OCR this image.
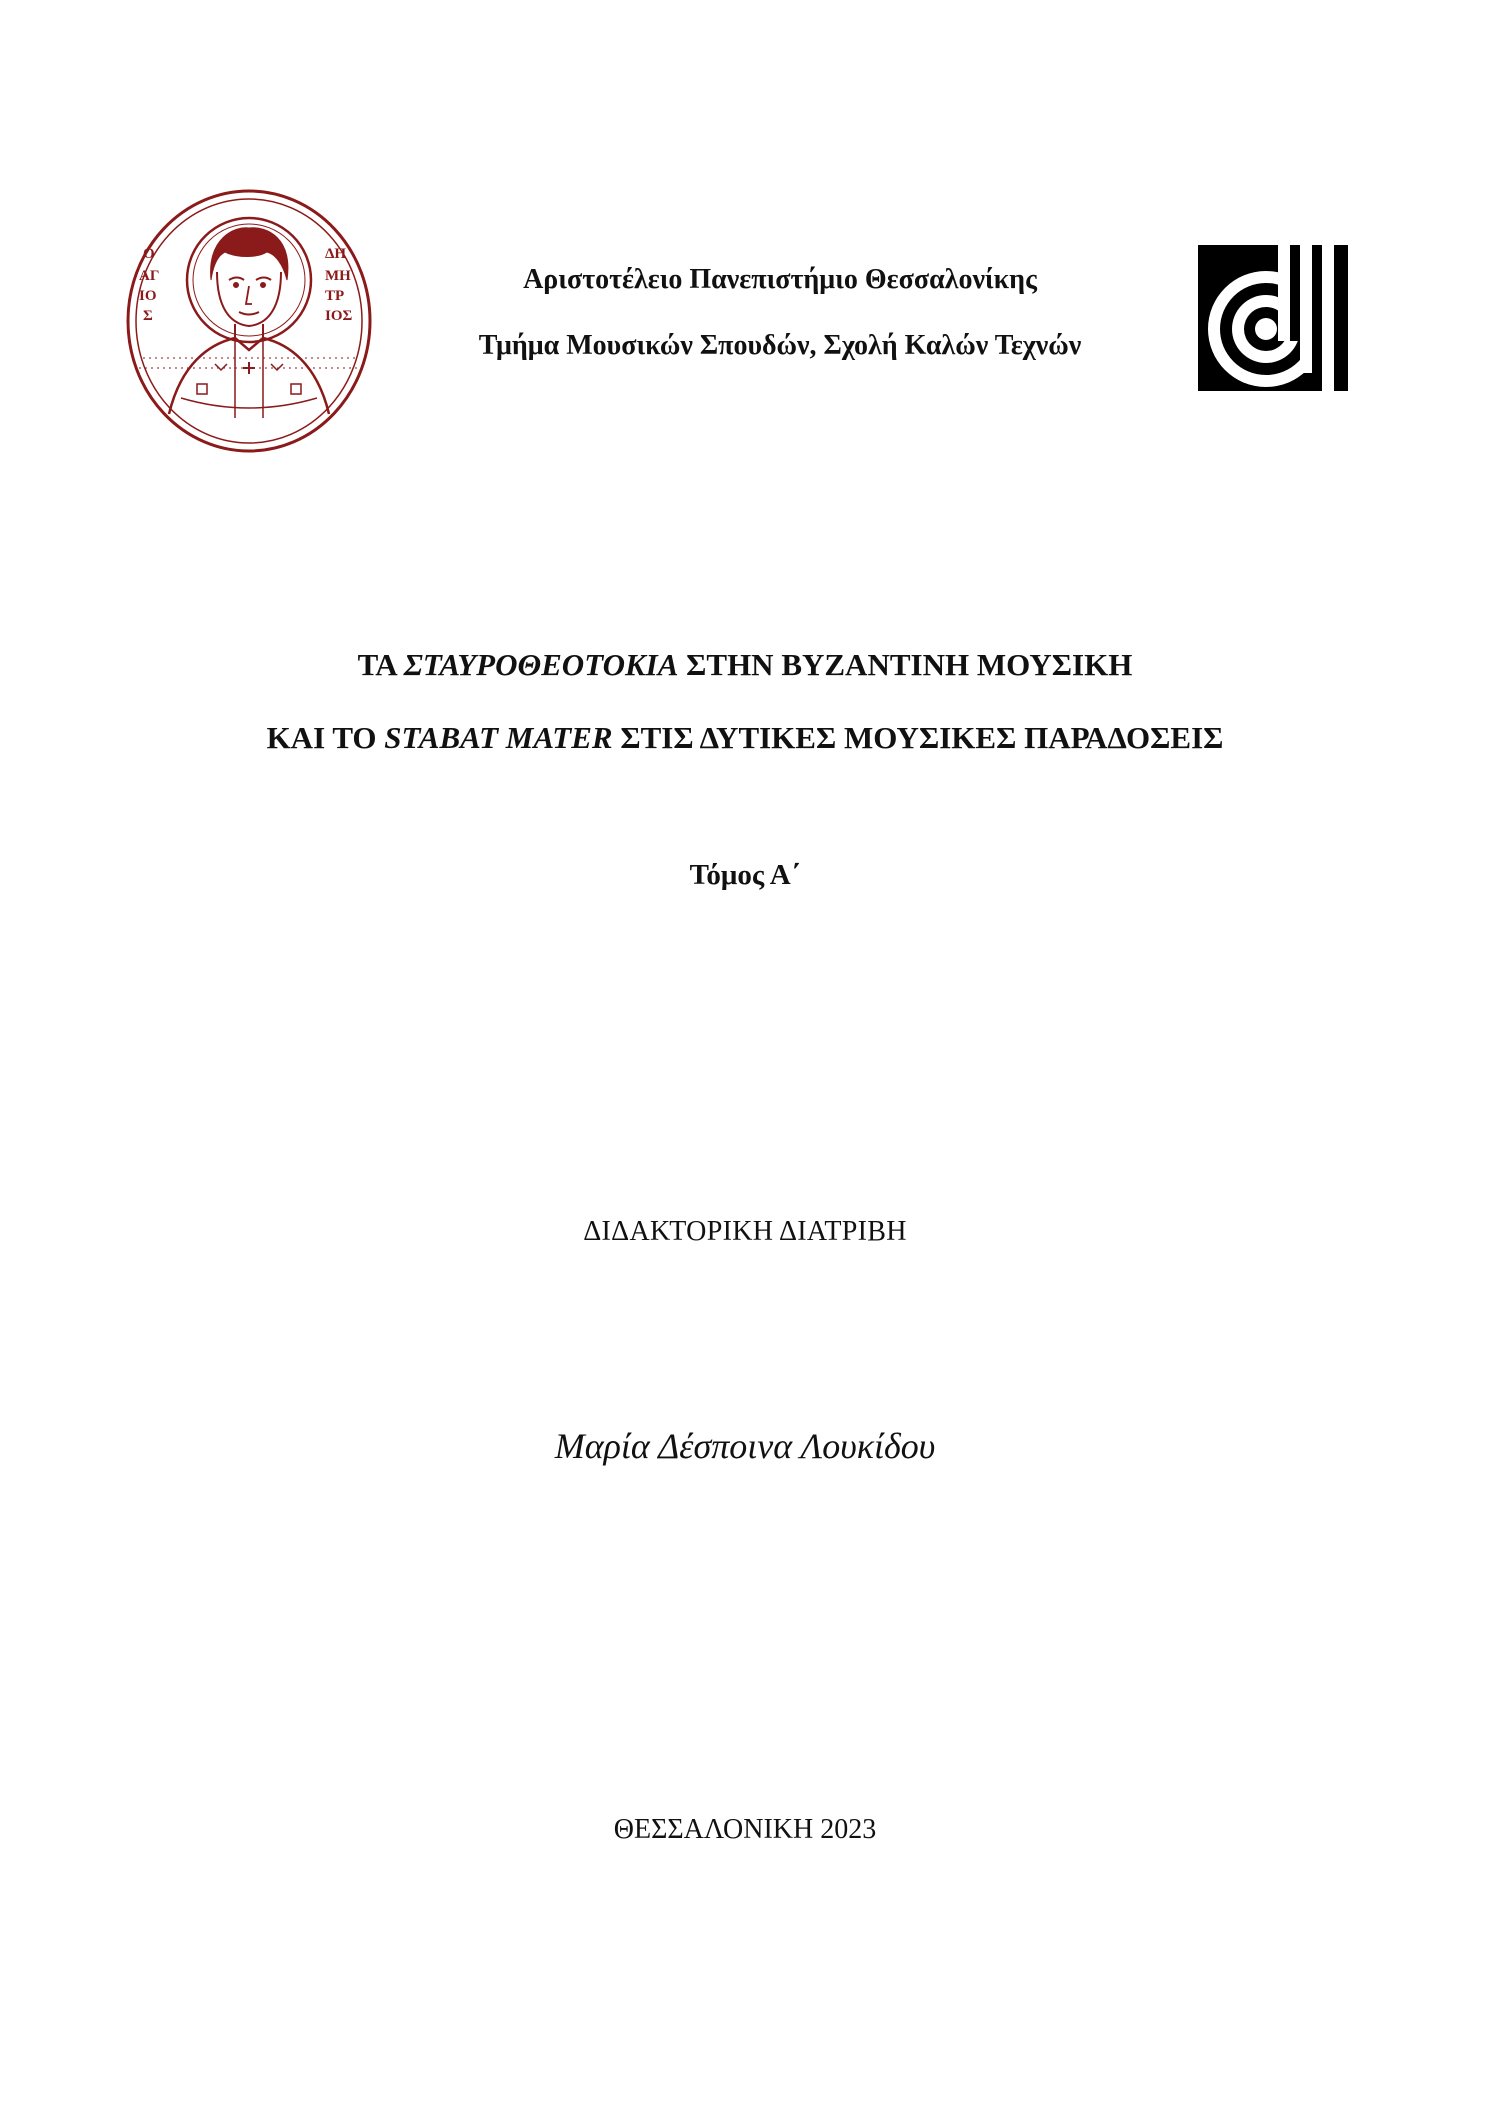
Ο
ΑΓ
ΙΟ
Σ
ΔΗ
ΜΗ
ΤΡ
ΙΟΣ
Αριστοτέλειο Πανεπιστήμιο Θεσσαλονίκης
Τμήμα Μουσικών Σπουδών, Σχολή Καλών Τεχνών
ΤΑ ΣΤΑΥΡΟΘΕΟΤΟΚΙΑ ΣΤΗΝ ΒΥΖΑΝΤΙΝΗ ΜΟΥΣΙΚΗ
ΚΑΙ ΤΟ STABAT MATER ΣΤΙΣ ΔΥΤΙΚΕΣ ΜΟΥΣΙΚΕΣ ΠΑΡΑΔΟΣΕΙΣ
Τόμος Α΄
ΔΙΔΑΚΤΟΡΙΚΗ ΔΙΑΤΡΙΒΗ
Μαρία Δέσποινα Λουκίδου
ΘΕΣΣΑΛΟΝΙΚΗ 2023
